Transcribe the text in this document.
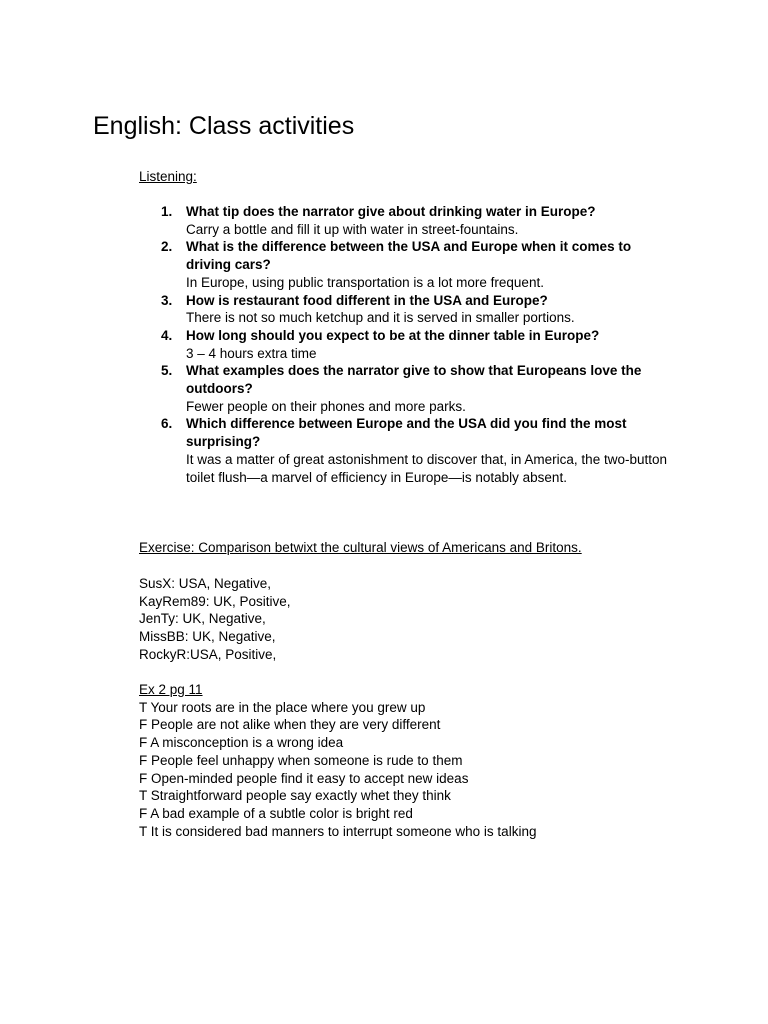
English: Class activities
Listening:
1. What tip does the narrator give about drinking water in Europe?
Carry a bottle and fill it up with water in street-fountains.
2. What is the difference between the USA and Europe when it comes to driving cars?
In Europe, using public transportation is a lot more frequent.
3. How is restaurant food different in the USA and Europe?
There is not so much ketchup and it is served in smaller portions.
4. How long should you expect to be at the dinner table in Europe?
3 – 4 hours extra time
5. What examples does the narrator give to show that Europeans love the outdoors?
Fewer people on their phones and more parks.
6. Which difference between Europe and the USA did you find the most surprising?
It was a matter of great astonishment to discover that, in America, the two-button toilet flush—a marvel of efficiency in Europe—is notably absent.
Exercise: Comparison betwixt the cultural views of Americans and Britons.
SusX: USA, Negative,
KayRem89: UK, Positive,
JenTy: UK, Negative,
MissBB: UK, Negative,
RockyR:USA, Positive,
Ex 2 pg 11
T Your roots are in the place where you grew up
F People are not alike when they are very different
F A misconception is a wrong idea
F People feel unhappy when someone is rude to them
F Open-minded people find it easy to accept new ideas
T Straightforward people say exactly whet they think
F A bad example of a subtle color is bright red
T It is considered bad manners to interrupt someone who is talking
